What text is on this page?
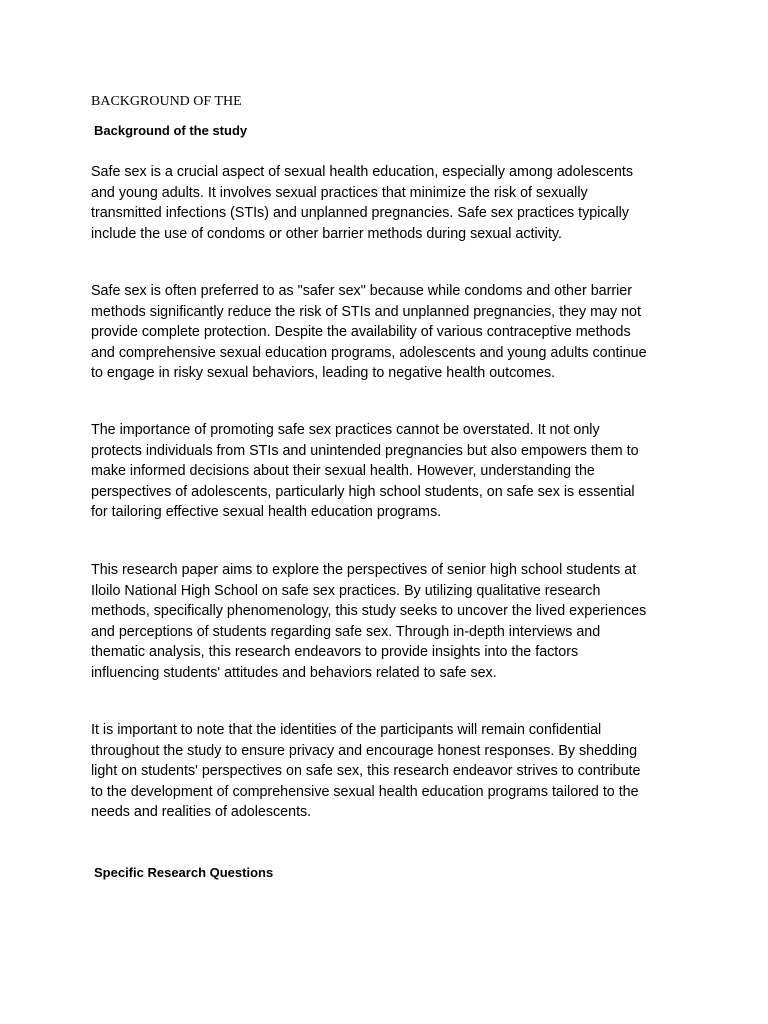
BACKGROUND OF THE
Background of the study

Safe sex is a crucial aspect of sexual health education, especially among adolescents
and young adults. It involves sexual practices that minimize the risk of sexually
transmitted infections (STIs) and unplanned pregnancies. Safe sex practices typically
include the use of condoms or other barrier methods during sexual activity.

Safe sex is often preferred to as "safer sex" because while condoms and other barrier
methods significantly reduce the risk of STIs and unplanned pregnancies, they may not
provide complete protection. Despite the availability of various contraceptive methods
and comprehensive sexual education programs, adolescents and young adults continue
to engage in risky sexual behaviors, leading to negative health outcomes.

The importance of promoting safe sex practices cannot be overstated. It not only
protects individuals from STIs and unintended pregnancies but also empowers them to
make informed decisions about their sexual health. However, understanding the
perspectives of adolescents, particularly high school students, on safe sex is essential
for tailoring effective sexual health education programs.

This research paper aims to explore the perspectives of senior high school students at
Iloilo National High School on safe sex practices. By utilizing qualitative research
methods, specifically phenomenology, this study seeks to uncover the lived experiences
and perceptions of students regarding safe sex. Through in-depth interviews and
thematic analysis, this research endeavors to provide insights into the factors
influencing students' attitudes and behaviors related to safe sex.

It is important to note that the identities of the participants will remain confidential
throughout the study to ensure privacy and encourage honest responses. By shedding
light on students' perspectives on safe sex, this research endeavor strives to contribute
to the development of comprehensive sexual health education programs tailored to the
needs and realities of adolescents.

Specific Research Questions
